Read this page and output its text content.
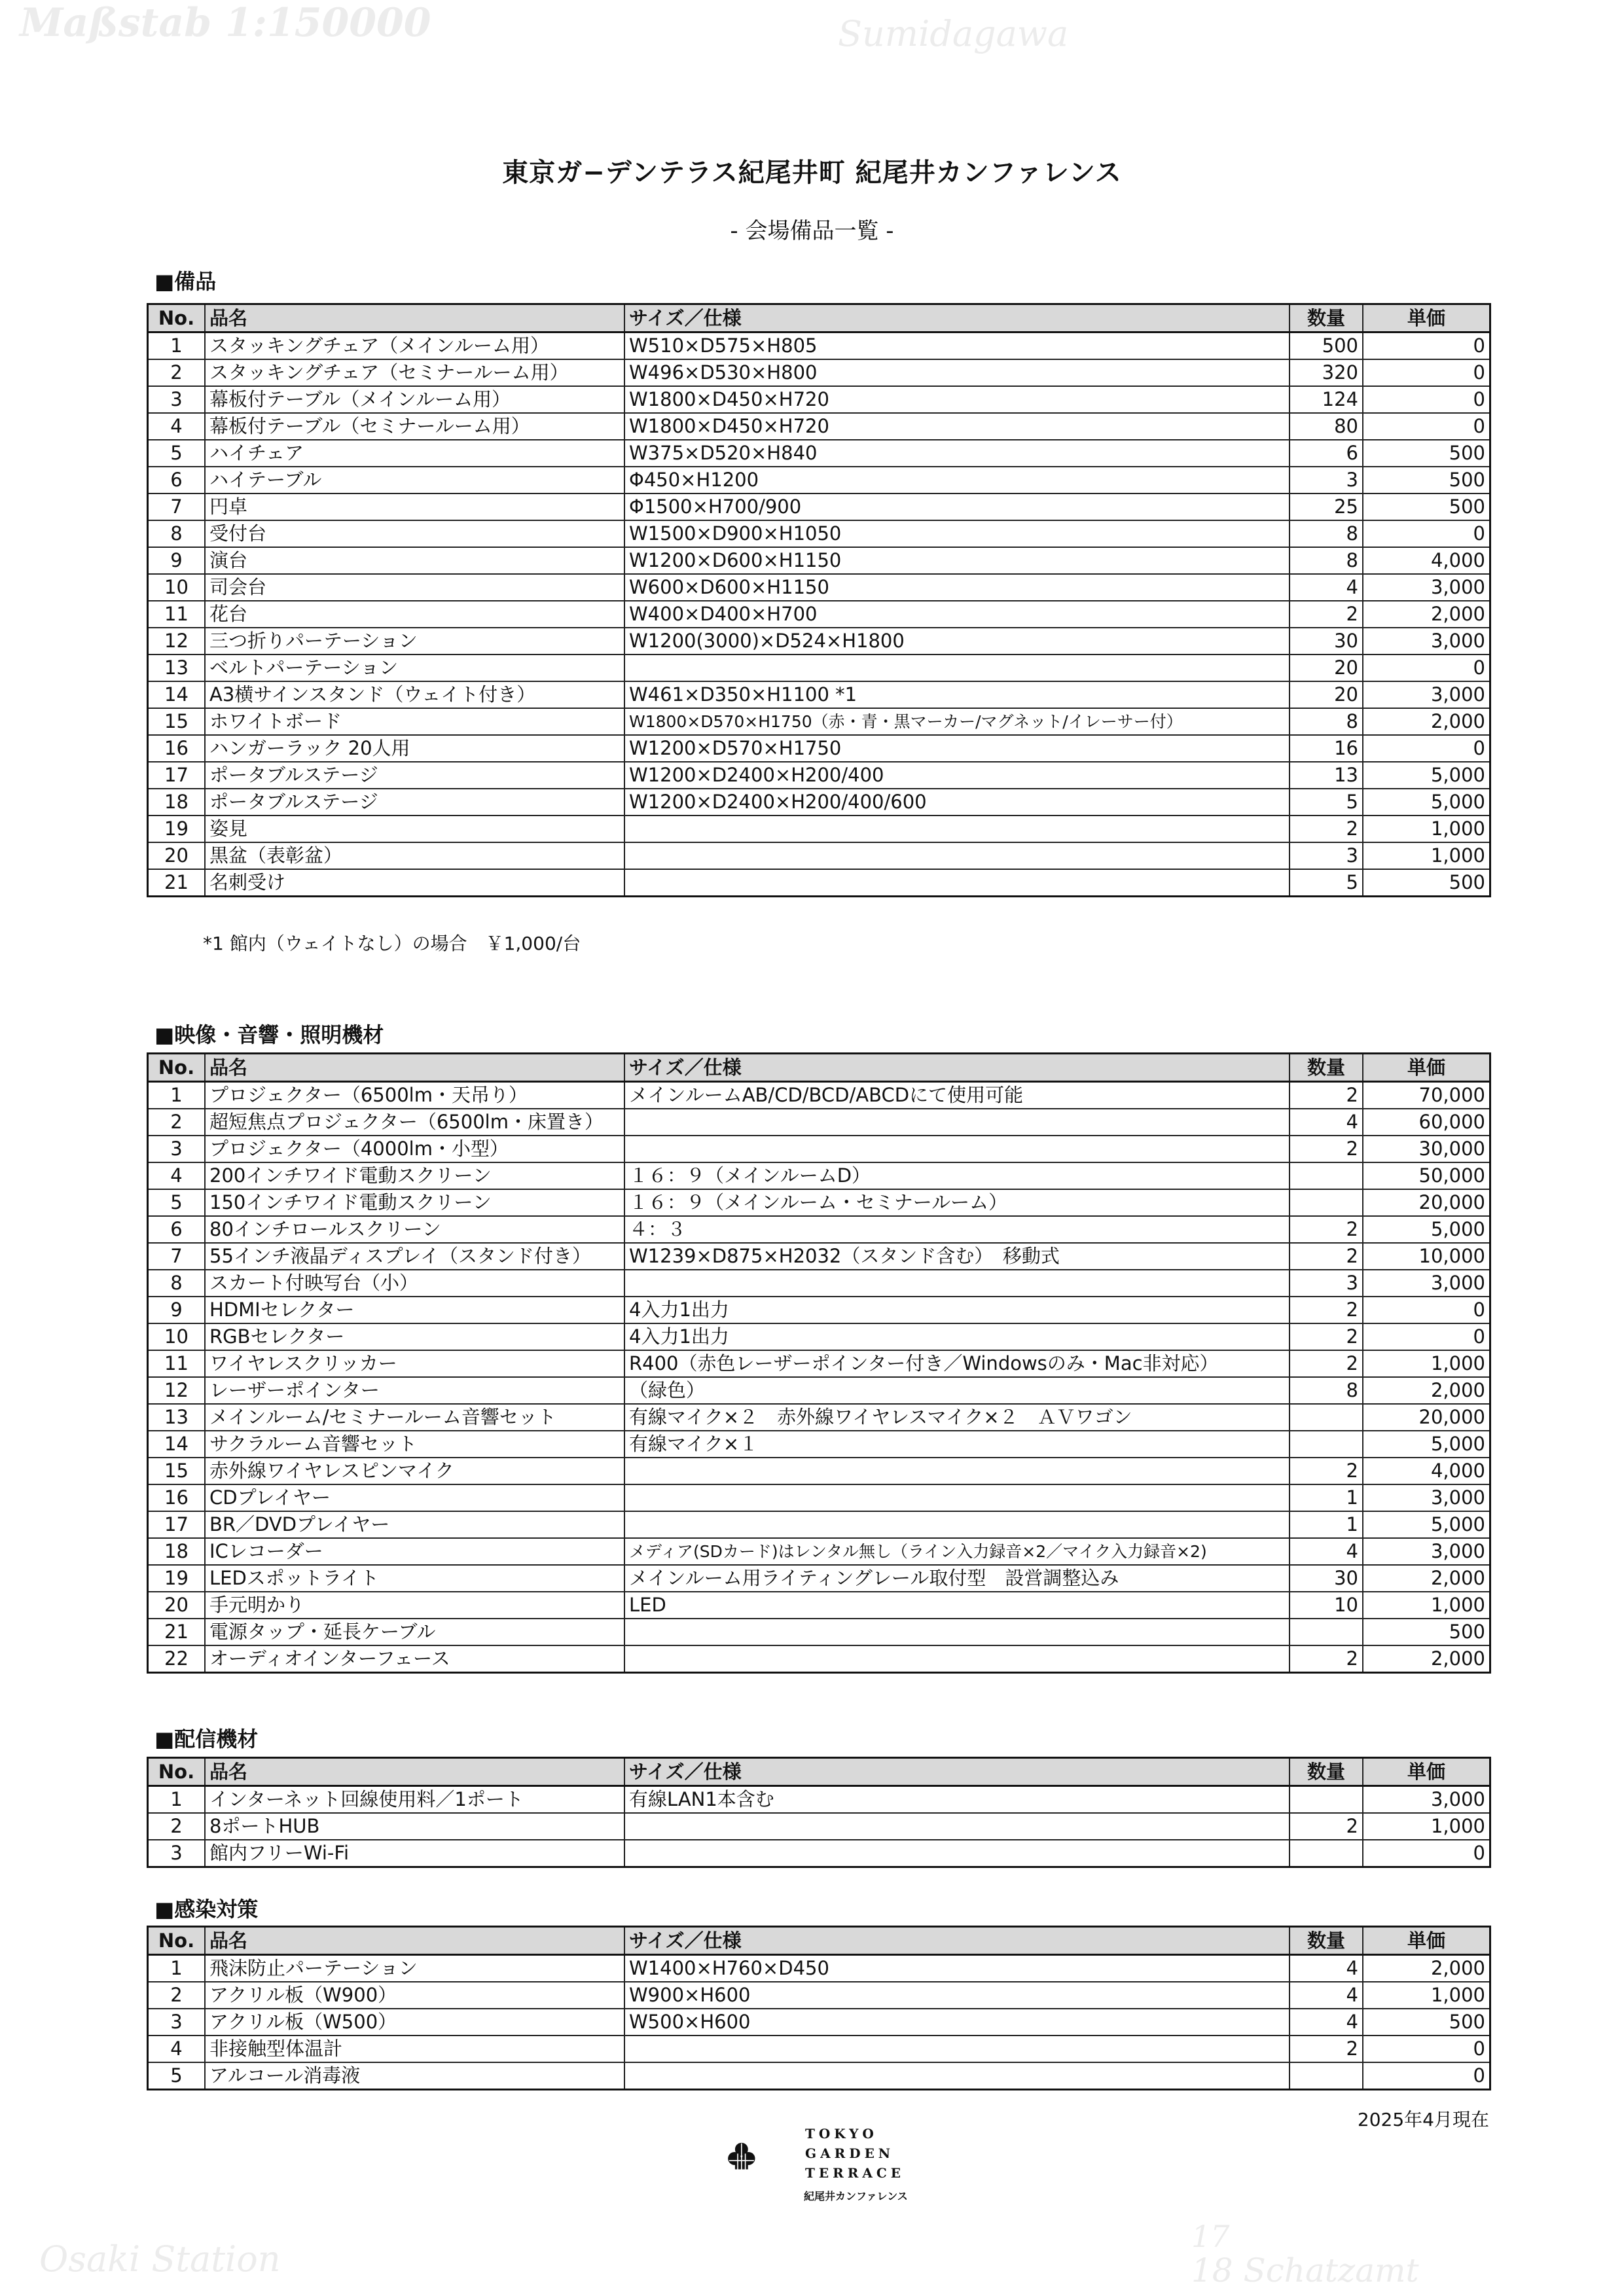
Maßstab 1:150000	Sumidagawa
Osaki Station	18 Schatzamt
17
東京ガ−デンテラス紀尾井町 紀尾井カンファレンス
- 会場備品一覧 -
■備品
No.	品名	サイズ／仕様	数量	単価
1	スタッキングチェア（メインルーム用）	W510×D575×H805	500	0
2	スタッキングチェア（セミナールーム用）	W496×D530×H800	320	0
3	幕板付テーブル（メインルーム用）	W1800×D450×H720	124	0
4	幕板付テーブル（セミナールーム用）	W1800×D450×H720	80	0
5	ハイチェア	W375×D520×H840	6	500
6	ハイテーブル	Φ450×H1200	3	500
7	円卓	Φ1500×H700/900	25	500
8	受付台	W1500×D900×H1050	8	0
9	演台	W1200×D600×H1150	8	4,000
10	司会台	W600×D600×H1150	4	3,000
11	花台	W400×D400×H700	2	2,000
12	三つ折りパーテーション	W1200(3000)×D524×H1800	30	3,000
13	ベルトパーテーション		20	0
14	A3横サインスタンド（ウェイト付き）	W461×D350×H1100 *1	20	3,000
15	ホワイトボード	W1800×D570×H1750（赤・青・黒マーカー/マグネット/イレーサー付）	8	2,000
16	ハンガーラック 20人用	W1200×D570×H1750	16	0
17	ポータブルステージ	W1200×D2400×H200/400	13	5,000
18	ポータブルステージ	W1200×D2400×H200/400/600	5	5,000
19	姿見		2	1,000
20	黒盆（表彰盆）		3	1,000
21	名刺受け		5	500
*1 館内（ウェイトなし）の場合　￥1,000/台
■映像・音響・照明機材
No.	品名	サイズ／仕様	数量	単価
1	プロジェクター（6500lm・天吊り）	メインルームAB/CD/BCD/ABCDにて使用可能	2	70,000
2	超短焦点プロジェクター（6500lm・床置き）		4	60,000
3	プロジェクター（4000lm・小型）		2	30,000
4	200インチワイド電動スクリーン	１６：９（メインルームD）		50,000
5	150インチワイド電動スクリーン	１６：９（メインルーム・セミナールーム）		20,000
6	80インチロールスクリーン	４：３	2	5,000
7	55インチ液晶ディスプレイ（スタンド付き）	W1239×D875×H2032（スタンド含む）　移動式	2	10,000
8	スカート付映写台（小）		3	3,000
9	HDMIセレクター	4入力1出力	2	0
10	RGBセレクター	4入力1出力	2	0
11	ワイヤレスクリッカー	R400（赤色レーザーポインター付き／Windowsのみ・Mac非対応）	2	1,000
12	レーザーポインター	（緑色）	8	2,000
13	メインルーム/セミナールーム音響セット	有線マイク×２　赤外線ワイヤレスマイク×２　ＡＶワゴン		20,000
14	サクラルーム音響セット	有線マイク×１		5,000
15	赤外線ワイヤレスピンマイク		2	4,000
16	CDプレイヤー		1	3,000
17	BR／DVDプレイヤー		1	5,000
18	ICレコーダー	メディア(SDカード)はレンタル無し（ライン入力録音×2／マイク入力録音×2)	4	3,000
19	LEDスポットライト	メインルーム用ライティングレール取付型　設営調整込み	30	2,000
20	手元明かり	LED	10	1,000
21	電源タップ・延長ケーブル			500
22	オーディオインターフェース		2	2,000
■配信機材
No.	品名	サイズ／仕様	数量	単価
1	インターネット回線使用料／1ポート	有線LAN1本含む		3,000
2	8ポートHUB		2	1,000
3	館内フリーWi-Fi			0
■感染対策
No.	品名	サイズ／仕様	数量	単価
1	飛沫防止パーテーション	W1400×H760×D450	4	2,000
2	アクリル板（W900）	W900×H600	4	1,000
3	アクリル板（W500）	W500×H600	4	500
4	非接触型体温計		2	0
5	アルコール消毒液			0
2025年4月現在
TOKYO
GARDEN
TERRACE
紀尾井カンファレンス
